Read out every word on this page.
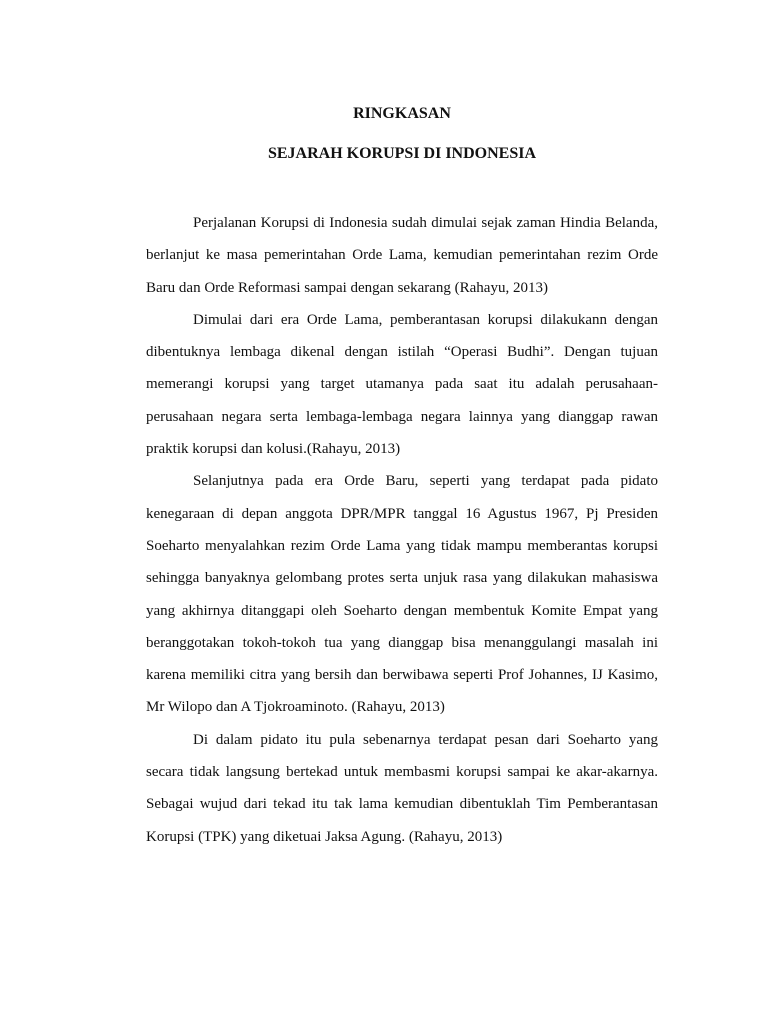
RINGKASAN
SEJARAH KORUPSI DI INDONESIA

Perjalanan Korupsi di Indonesia sudah dimulai sejak zaman Hindia Belanda, berlanjut ke masa pemerintahan Orde Lama, kemudian pemerintahan rezim Orde Baru dan Orde Reformasi sampai dengan sekarang (Rahayu, 2013)

Dimulai dari era Orde Lama, pemberantasan korupsi dilakukann dengan dibentuknya lembaga dikenal dengan istilah “Operasi Budhi”. Dengan tujuan memerangi korupsi yang target utamanya pada saat itu adalah perusahaan-perusahaan negara serta lembaga-lembaga negara lainnya yang dianggap rawan praktik korupsi dan kolusi.(Rahayu, 2013)

Selanjutnya pada era Orde Baru, seperti yang terdapat pada pidato kenegaraan di depan anggota DPR/MPR tanggal 16 Agustus 1967, Pj Presiden Soeharto menyalahkan rezim Orde Lama yang tidak mampu memberantas korupsi sehingga banyaknya gelombang protes serta unjuk rasa yang dilakukan mahasiswa yang akhirnya ditanggapi oleh Soeharto dengan membentuk Komite Empat yang beranggotakan tokoh-tokoh tua yang dianggap bisa menanggulangi masalah ini karena memiliki citra yang bersih dan berwibawa seperti Prof Johannes, IJ Kasimo, Mr Wilopo dan A Tjokroaminoto. (Rahayu, 2013)

Di dalam pidato itu pula sebenarnya terdapat pesan dari Soeharto yang secara tidak langsung bertekad untuk membasmi korupsi sampai ke akar-akarnya. Sebagai wujud dari tekad itu tak lama kemudian dibentuklah Tim Pemberantasan Korupsi (TPK) yang diketuai Jaksa Agung. (Rahayu, 2013)
